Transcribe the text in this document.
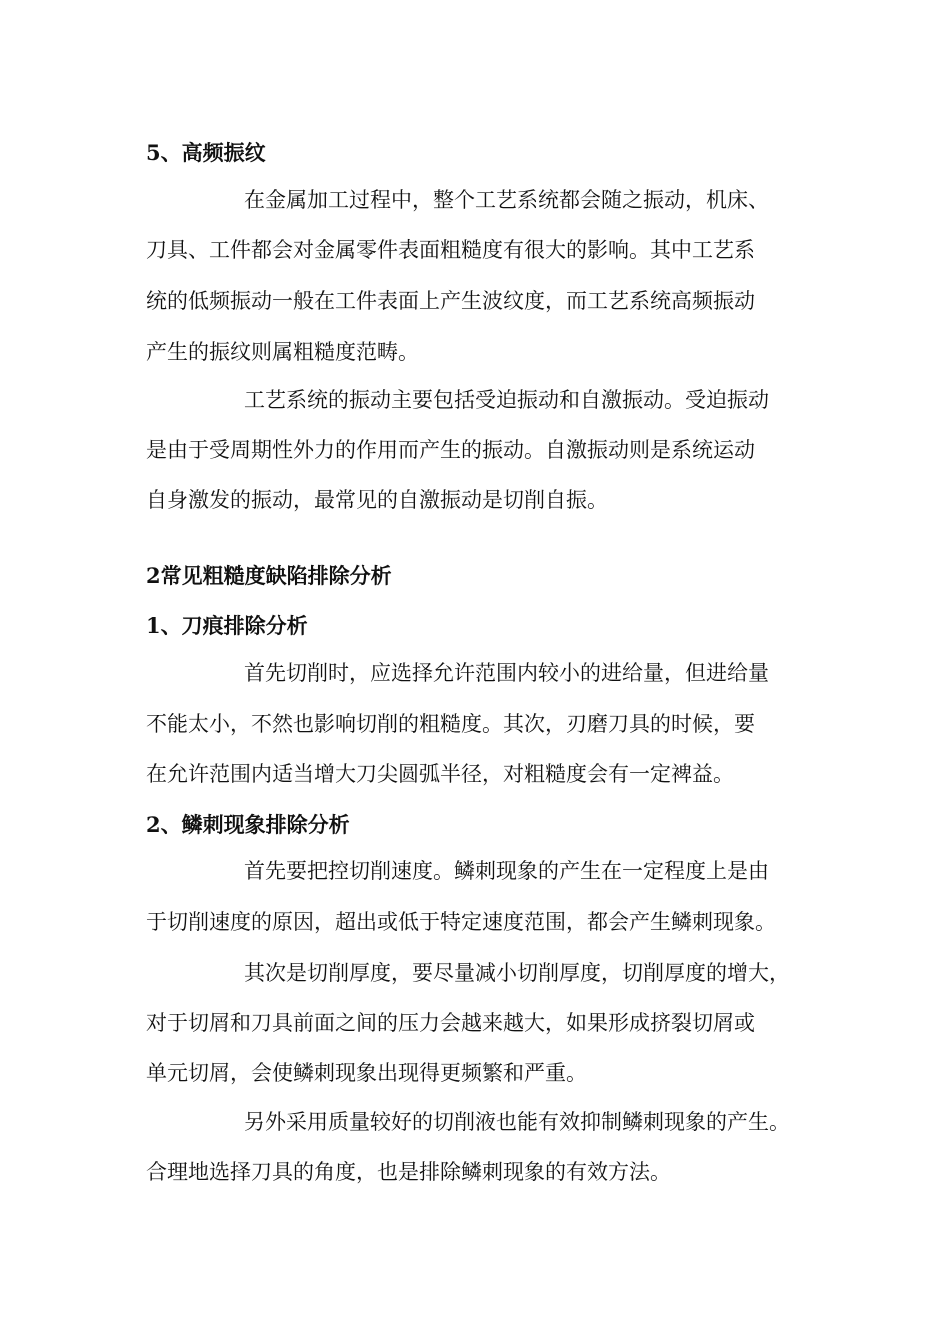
5、高频振纹

在金属加工过程中，整个工艺系统都会随之振动，机床、

刀具、工件都会对金属零件表面粗糙度有很大的影响。其中工艺系

统的低频振动一般在工件表面上产生波纹度，而工艺系统高频振动

产生的振纹则属粗糙度范畴。

工艺系统的振动主要包括受迫振动和自激振动。受迫振动

是由于受周期性外力的作用而产生的振动。自激振动则是系统运动

自身激发的振动，最常见的自激振动是切削自振。

2常见粗糙度缺陷排除分析

1、刀痕排除分析

首先切削时，应选择允许范围内较小的进给量，但进给量

不能太小，不然也影响切削的粗糙度。其次，刃磨刀具的时候，要

在允许范围内适当增大刀尖圆弧半径，对粗糙度会有一定裨益。

2、鳞刺现象排除分析

首先要把控切削速度。鳞刺现象的产生在一定程度上是由

于切削速度的原因，超出或低于特定速度范围，都会产生鳞刺现象。

其次是切削厚度，要尽量减小切削厚度，切削厚度的增大，

对于切屑和刀具前面之间的压力会越来越大，如果形成挤裂切屑或

单元切屑，会使鳞刺现象出现得更频繁和严重。

另外采用质量较好的切削液也能有效抑制鳞刺现象的产生。

合理地选择刀具的角度，也是排除鳞刺现象的有效方法。
